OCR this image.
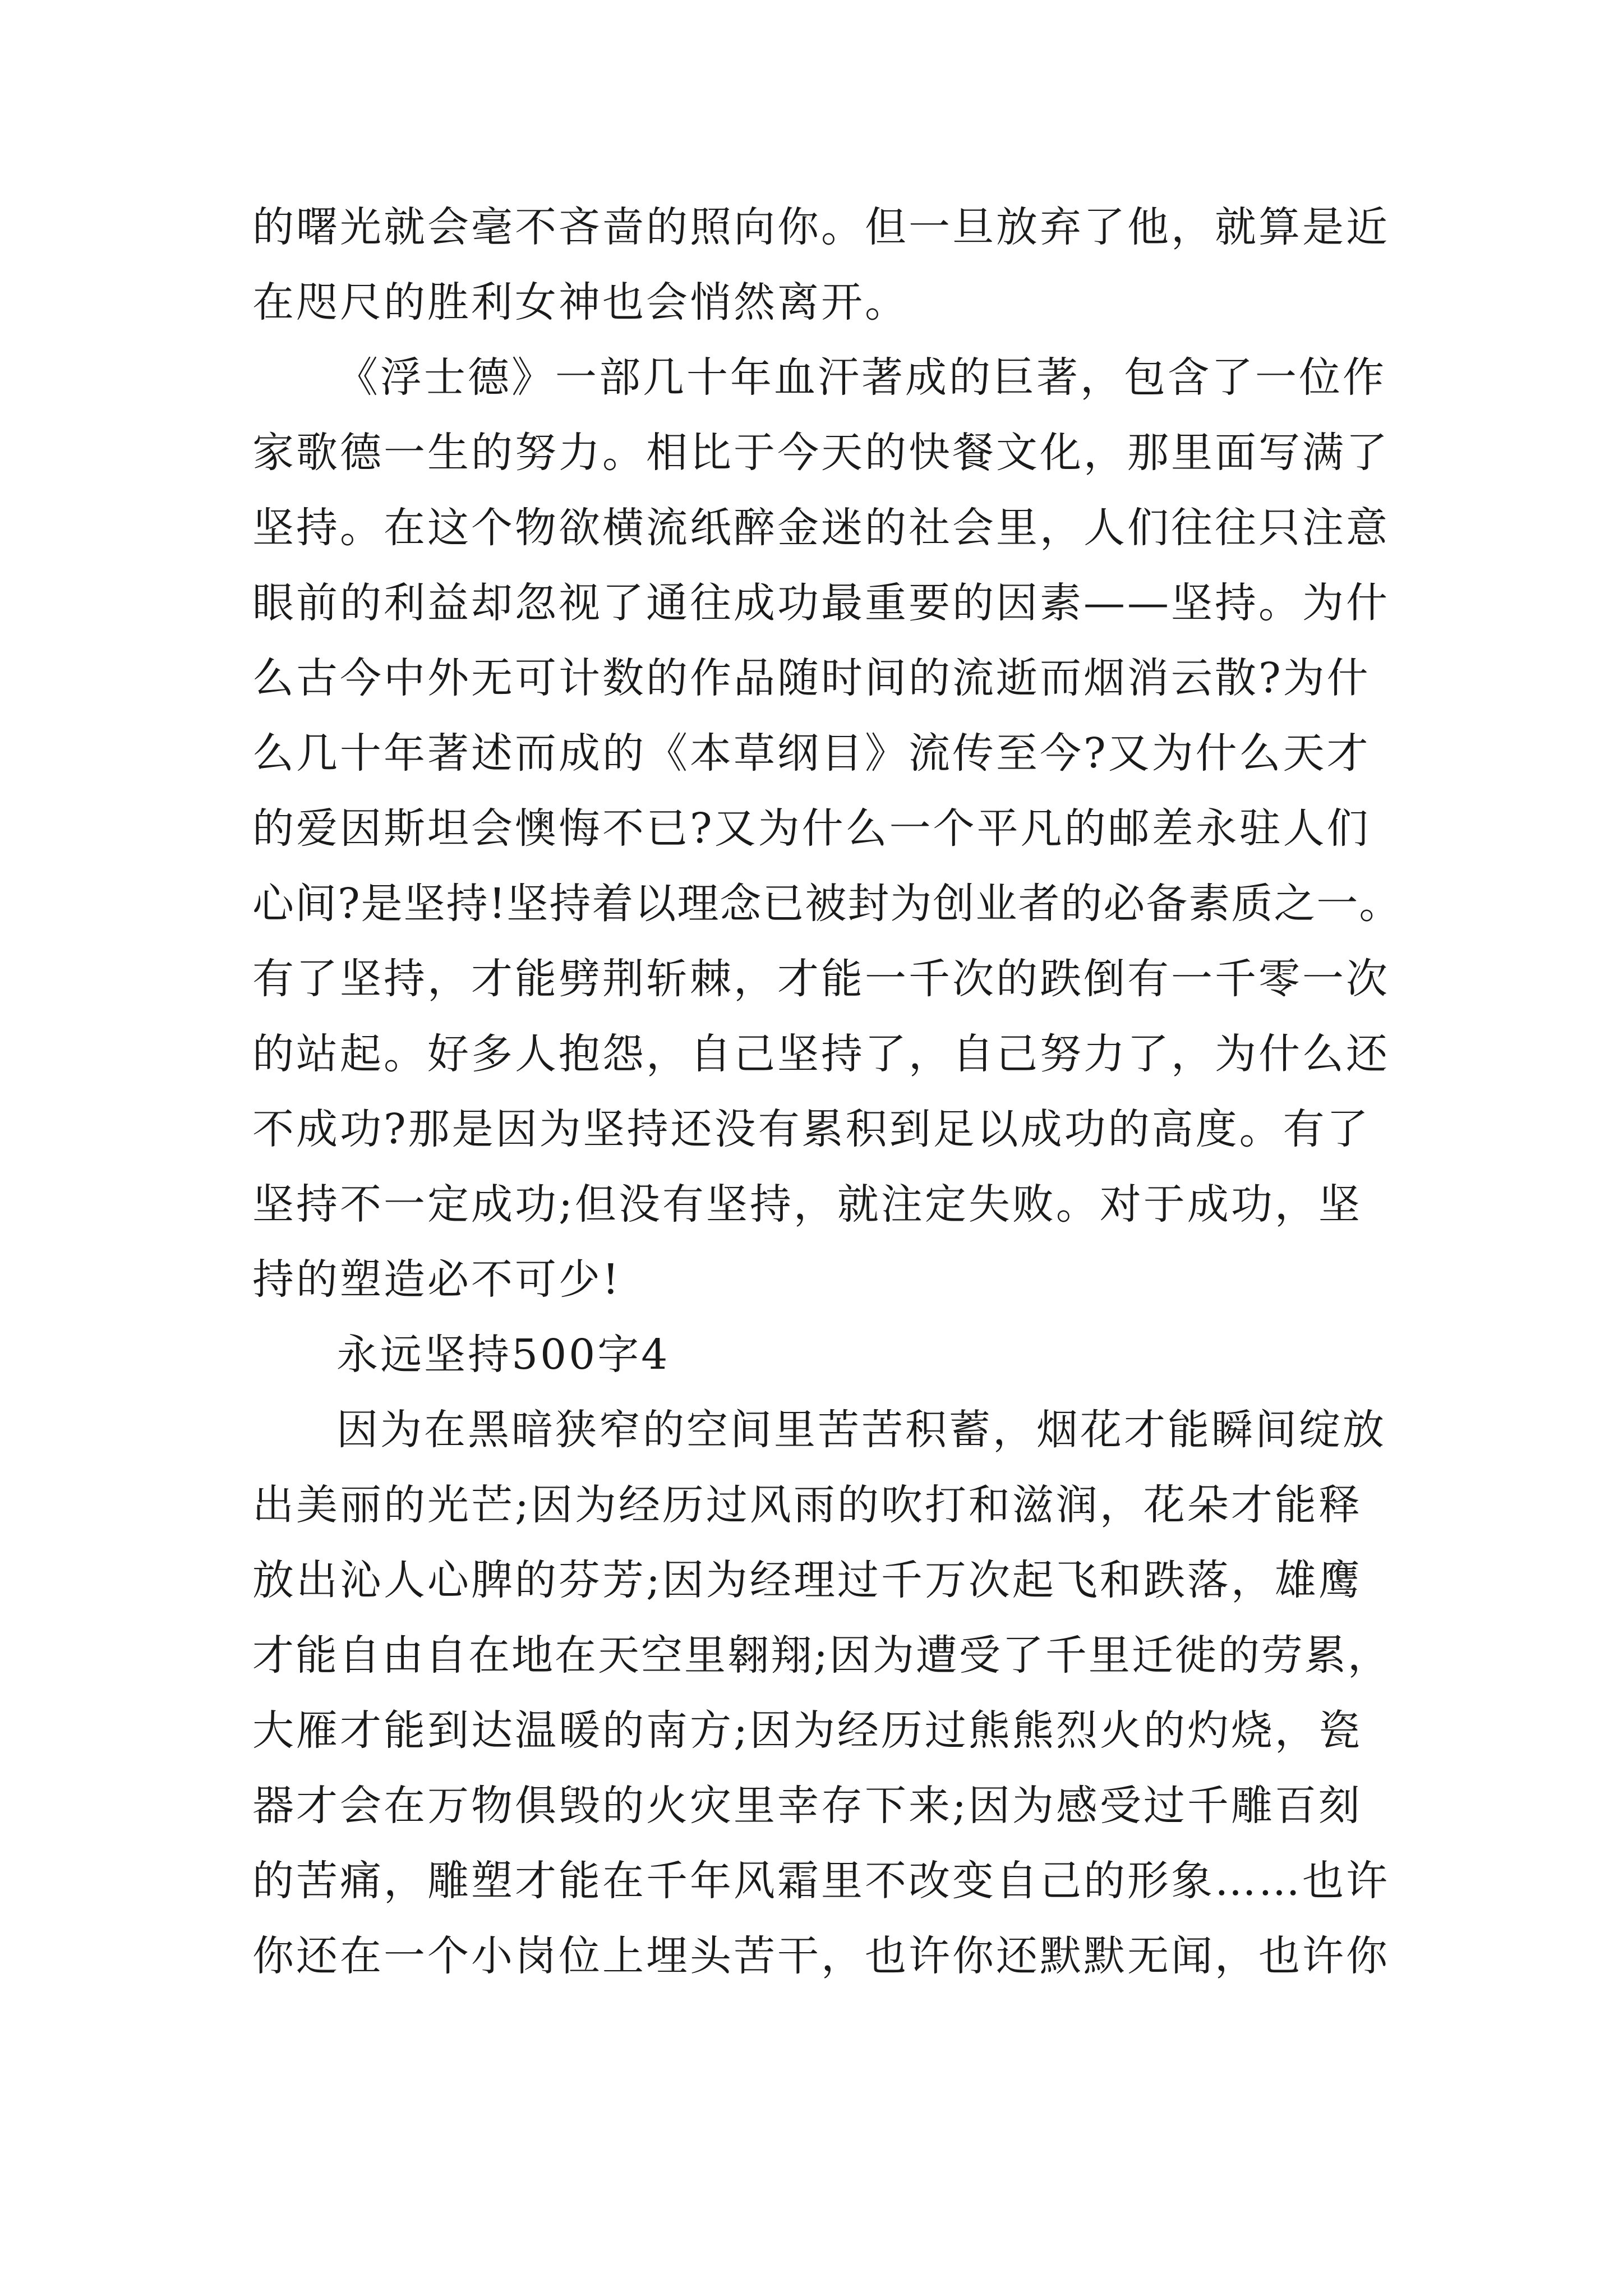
的曙光就会毫不吝啬的照向你。但一旦放弃了他，就算是近
在咫尺的胜利女神也会悄然离开。
《浮士德》一部几十年血汗著成的巨著，包含了一位作
家歌德一生的努力。相比于今天的快餐文化，那里面写满了
坚持。在这个物欲横流纸醉金迷的社会里，人们往往只注意
眼前的利益却忽视了通往成功最重要的因素——坚持。为什
么古今中外无可计数的作品随时间的流逝而烟消云散?为什
么几十年著述而成的《本草纲目》流传至今?又为什么天才
的爱因斯坦会懊悔不已?又为什么一个平凡的邮差永驻人们
心间?是坚持!坚持着以理念已被封为创业者的必备素质之一。
有了坚持，才能劈荆斩棘，才能一千次的跌倒有一千零一次
的站起。好多人抱怨，自己坚持了，自己努力了，为什么还
不成功?那是因为坚持还没有累积到足以成功的高度。有了
坚持不一定成功;但没有坚持，就注定失败。对于成功，坚
持的塑造必不可少!
永远坚持500字4
因为在黑暗狭窄的空间里苦苦积蓄，烟花才能瞬间绽放
出美丽的光芒;因为经历过风雨的吹打和滋润，花朵才能释
放出沁人心脾的芬芳;因为经理过千万次起飞和跌落，雄鹰
才能自由自在地在天空里翱翔;因为遭受了千里迁徙的劳累，
大雁才能到达温暖的南方;因为经历过熊熊烈火的灼烧，瓷
器才会在万物俱毁的火灾里幸存下来;因为感受过千雕百刻
的苦痛，雕塑才能在千年风霜里不改变自己的形象……也许
你还在一个小岗位上埋头苦干，也许你还默默无闻，也许你
